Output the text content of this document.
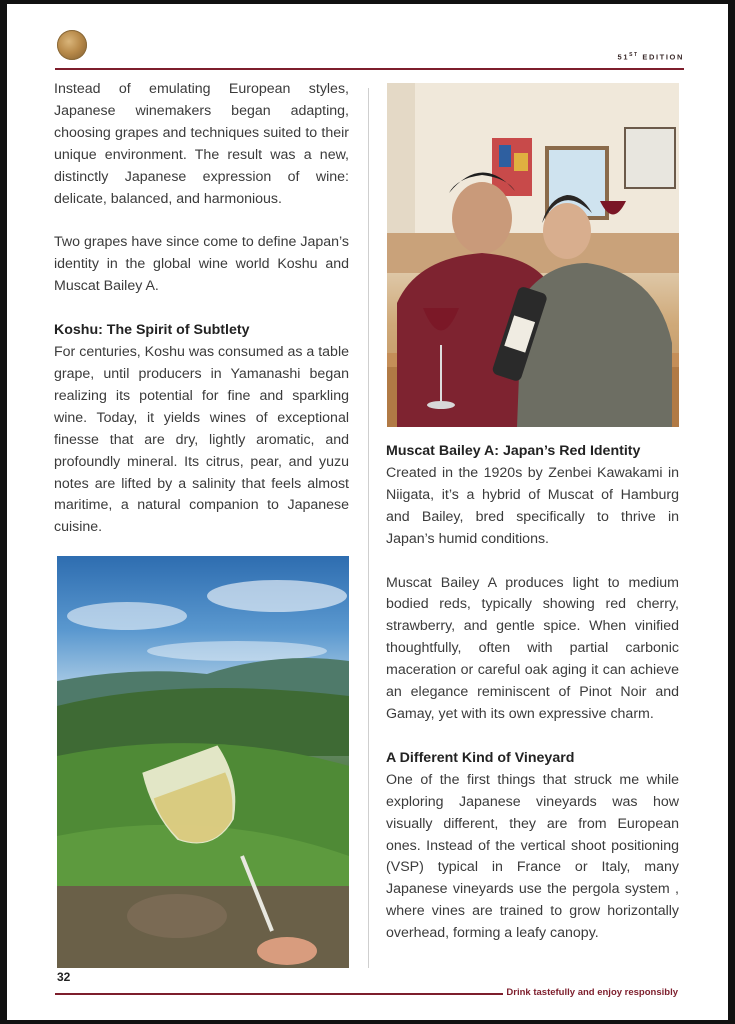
51ST EDITION

Instead of emulating European styles, Japanese winemakers began adapting, choosing grapes and techniques suited to their unique environment. The result was a new, distinctly Japanese expression of wine: delicate, balanced, and harmonious.

Two grapes have since come to define Japan’s identity in the global wine world Koshu and Muscat Bailey A.

Koshu: The Spirit of Subtlety

For centuries, Koshu was consumed as a table grape, until producers in Yamanashi began realizing its potential for fine and sparkling wine. Today, it yields wines of exceptional finesse that are dry, lightly aromatic, and profoundly mineral. Its citrus, pear, and yuzu notes are lifted by a salinity that feels almost maritime, a natural companion to Japanese cuisine.

Muscat Bailey A: Japan’s Red Identity

Created in the 1920s by Zenbei Kawakami in Niigata, it’s a hybrid of Muscat of Hamburg and Bailey, bred specifically to thrive in Japan’s humid conditions.

Muscat Bailey A produces light to medium bodied reds, typically showing red cherry, strawberry, and gentle spice. When vinified thoughtfully, often with partial carbonic maceration or careful oak aging it can achieve an elegance reminiscent of Pinot Noir and Gamay, yet with its own expressive charm.

A Different Kind of Vineyard

One of the first things that struck me while exploring Japanese vineyards was how visually different, they are from European ones. Instead of the vertical shoot positioning (VSP) typical in France or Italy, many Japanese vineyards use the pergola system , where vines are trained to grow horizontally overhead, forming a leafy canopy.

32
Drink tastefully and enjoy responsibly
